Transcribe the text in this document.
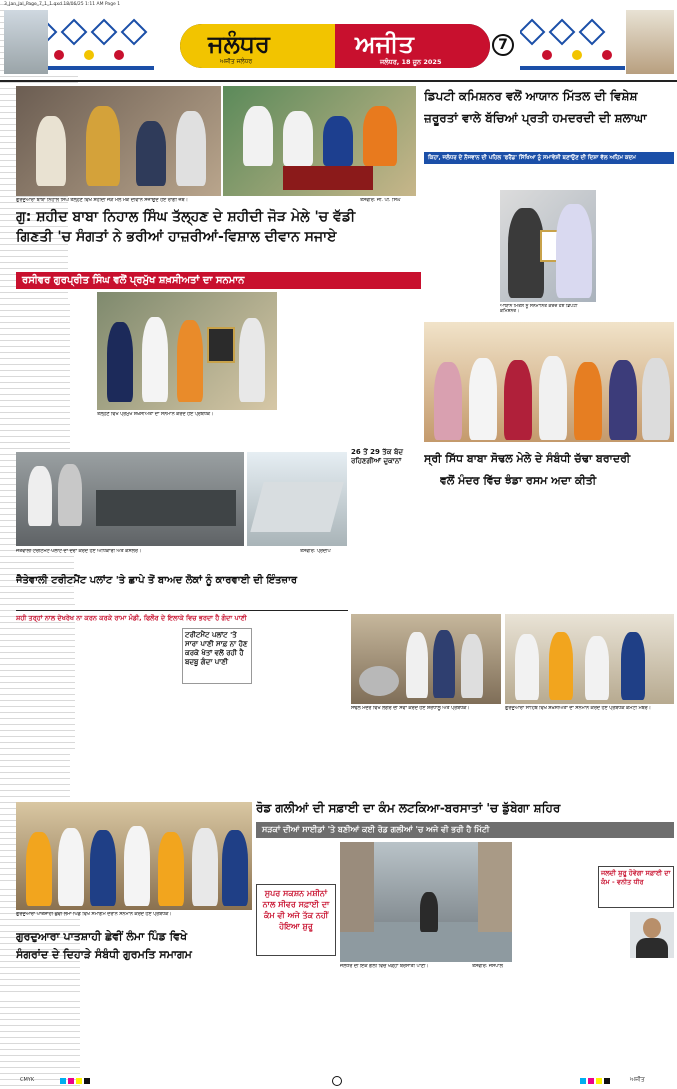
3_Jan_Jal_Page_7_1_1.qxd 18/06/25 1:11 AM Page 1
ਜਲੰਧਰ	ਅਜੀਤ
ਅਜੀਤ ਜਲੰਧਰ	ਜਲੰਧਰ, 18 ਜੂਨ 2025
7
ਗੁਰਦੁਆਰਾ ਬਾਬਾ ਨਿਹਾਲ ਸਿੰਘ ਤੱਲ੍ਹਣ ਵਿਖੇ ਸ਼ਹੀਦੀ ਜੋੜ ਮੇਲੇ ਮੌਕੇ ਦੀਵਾਨ ਸਜਾਉਂਦੇ ਹੋਏ ਰਾਗੀ ਜਥੇ।	ਤਸਵੀਰ: ਜੀ. ਪੀ. ਸਿੰਘ
ਗੁ: ਸ਼ਹੀਦ ਬਾਬਾ ਨਿਹਾਲ ਸਿੰਘ ਤੱਲ੍ਹਣ ਦੇ ਸ਼ਹੀਦੀ ਜੋੜ ਮੇਲੇ 'ਚ ਵੱਡੀ
ਗਿਣਤੀ 'ਚ ਸੰਗਤਾਂ ਨੇ ਭਰੀਆਂ ਹਾਜ਼ਰੀਆਂ-ਵਿਸ਼ਾਲ ਦੀਵਾਨ ਸਜਾਏ
ਰਸੀਵਰ ਗੁਰਪ੍ਰੀਤ ਸਿੰਘ ਵਲੋਂ ਪ੍ਰਮੁੱਖ ਸ਼ਖ਼ਸੀਅਤਾਂ ਦਾ ਸਨਮਾਨ
ਤੱਲ੍ਹਣ ਵਿਖੇ ਪ੍ਰਮੁੱਖ ਸ਼ਖ਼ਸੀਅਤਾਂ ਦਾ ਸਨਮਾਨ ਕਰਦੇ ਹੋਏ ਪ੍ਰਬੰਧਕ।
ਡਿਪਟੀ ਕਮਿਸ਼ਨਰ ਵਲੋਂ ਆਯਾਨ ਮਿੱਤਲ ਦੀ ਵਿਸ਼ੇਸ਼
ਜ਼ਰੂਰਤਾਂ ਵਾਲੇ ਬੱਚਿਆਂ ਪ੍ਰਤੀ ਹਮਦਰਦੀ ਦੀ ਸ਼ਲਾਘਾ
ਕਿਹਾ, ਜਲੰਧਰ ਦੇ ਨੌਜਵਾਨ ਦੀ ਪਹਿਲ 'ਫਰੈਂਡ' ਸਿੱਖਿਆ ਨੂੰ ਸਮਾਵੇਸ਼ੀ ਬਣਾਉਣ ਦੀ ਦਿਸ਼ਾ ਵੱਲ ਅਹਿਮ ਕਦਮ
ਆਯਾਨ ਮਿੱਤਲ ਨੂੰ ਸਨਮਾਨਿਤ ਕਰਦੇ ਹੋਏ ਡਿਪਟੀ ਕਮਿਸ਼ਨਰ।
26 ਤੋਂ 29 ਤੱਕ ਬੰਦ ਰਹਿਣਗੀਆਂ ਦੁਕਾਨਾਂ	ਸ੍ਰੀ ਸਿੱਧ ਬਾਬਾ ਸੋਢਲ ਮੇਲੇ ਦੇ ਸੰਬੰਧੀ ਚੱਢਾ ਬਰਾਦਰੀ
ਵਲੋਂ ਮੰਦਰ ਵਿੱਚ ਝੰਡਾ ਰਸਮ ਅਦਾ ਕੀਤੀ
ਜੈਤੇਵਾਲੀ ਟਰੀਟਮੈਂਟ ਪਲਾਂਟ ਦਾ ਦੌਰਾ ਕਰਦੇ ਹੋਏ ਅਧਿਕਾਰੀ ਅਤੇ ਕੌਂਸਲਰ।	ਤਸਵੀਰ: ਪ੍ਰਦੀਪ
ਜੈਤੇਵਾਲੀ ਟਰੀਟਮੈਂਟ ਪਲਾਂਟ 'ਤੇ ਛਾਪੇ ਤੋਂ ਬਾਅਦ ਲੋਕਾਂ ਨੂੰ ਕਾਰਵਾਈ ਦੀ ਇੰਤਜ਼ਾਰ
ਸ਼ਹੀ ਤਰ੍ਹਾਂ ਨਾਲ ਦੇਖਰੇਖ ਨਾ ਕਰਨ ਕਰਕੇ ਰਾਮਾ ਮੰਡੀ, ਫਿਲੌਰ ਦੇ ਇਲਾਕੇ ਵਿਚ ਭਰਦਾ ਹੈ ਗੰਦਾ ਪਾਣੀ
ਟਰੀਟਮੈਂਟ ਪਲਾਂਟ 'ਤੇ ਸਾਰਾ ਪਾਣੀ ਸਾਫ਼ ਨਾ ਹੋਣ ਕਰਕੇ ਖੇਤਾਂ ਵਲੋਂ ਰਹੀ ਹੈ ਬਦਬੂ ਗੰਦਾ ਪਾਣੀ
ਸੋਢਲ ਮੰਦਰ ਵਿਖੇ ਲੰਗਰ ਦੀ ਸੇਵਾ ਕਰਦੇ ਹੋਏ ਸ਼ਰਧਾਲੂ ਅਤੇ ਪ੍ਰਬੰਧਕ।	ਗੁਰਦੁਆਰਾ ਸਾਹਿਬ ਵਿਖੇ ਸ਼ਖ਼ਸੀਅਤਾਂ ਦਾ ਸਨਮਾਨ ਕਰਦੇ ਹੋਏ ਪ੍ਰਬੰਧਕ ਕਮੇਟੀ ਮੈਂਬਰ।
ਰੋਡ ਗਲੀਆਂ ਦੀ ਸਫ਼ਾਈ ਦਾ ਕੰਮ ਲਟਕਿਆ-ਬਰਸਾਤਾਂ 'ਚ ਡੁੱਬੇਗਾ ਸ਼ਹਿਰ
ਸੜਕਾਂ ਦੀਆਂ ਸਾਈਡਾਂ 'ਤੇ ਬਣੀਆਂ ਕਈ ਰੋਡ ਗਲੀਆਂ 'ਚ ਅਜੇ ਵੀ ਭਰੀ ਹੈ ਮਿੱਟੀ
ਸੁਪਰ ਸਕਸ਼ਨ ਮਸ਼ੀਨਾਂ ਨਾਲ ਸੀਵਰ ਸਫ਼ਾਈ ਦਾ ਕੰਮ ਵੀ ਅਜੇ ਤੱਕ ਨਹੀਂ ਹੋਇਆ ਸ਼ੁਰੂ
ਜਲੰਧਰ ਦੀ ਇਕ ਗਲੀ ਵਿਚ ਖੜ੍ਹਾ ਬਰਸਾਤੀ ਪਾਣੀ।	ਤਸਵੀਰ: ਜਸਪਾਲ
ਜਲਦੀ ਸ਼ੁਰੂ ਹੋਵੇਗਾ ਸਫ਼ਾਈ ਦਾ ਕੰਮ - ਵਨੀਤ ਧੀਰ
ਗੁਰਦੁਆਰਾ ਪਾਤਸ਼ਾਹੀ ਛੇਵੀਂ ਲੰਮਾ ਪਿੰਡ ਵਿਖੇ ਸਮਾਗਮ ਦੌਰਾਨ ਸਨਮਾਨ ਕਰਦੇ ਹੋਏ ਪ੍ਰਬੰਧਕ।
ਗੁਰਦੁਆਰਾ ਪਾਤਸ਼ਾਹੀ ਛੇਵੀਂ ਲੰਮਾ ਪਿੰਡ ਵਿਖੇ
ਸੰਗਰਾਂਦ ਦੇ ਦਿਹਾੜੇ ਸੰਬੰਧੀ ਗੁਰਮਤਿ ਸਮਾਗਮ
CMYK	ਅਜੀਤ
